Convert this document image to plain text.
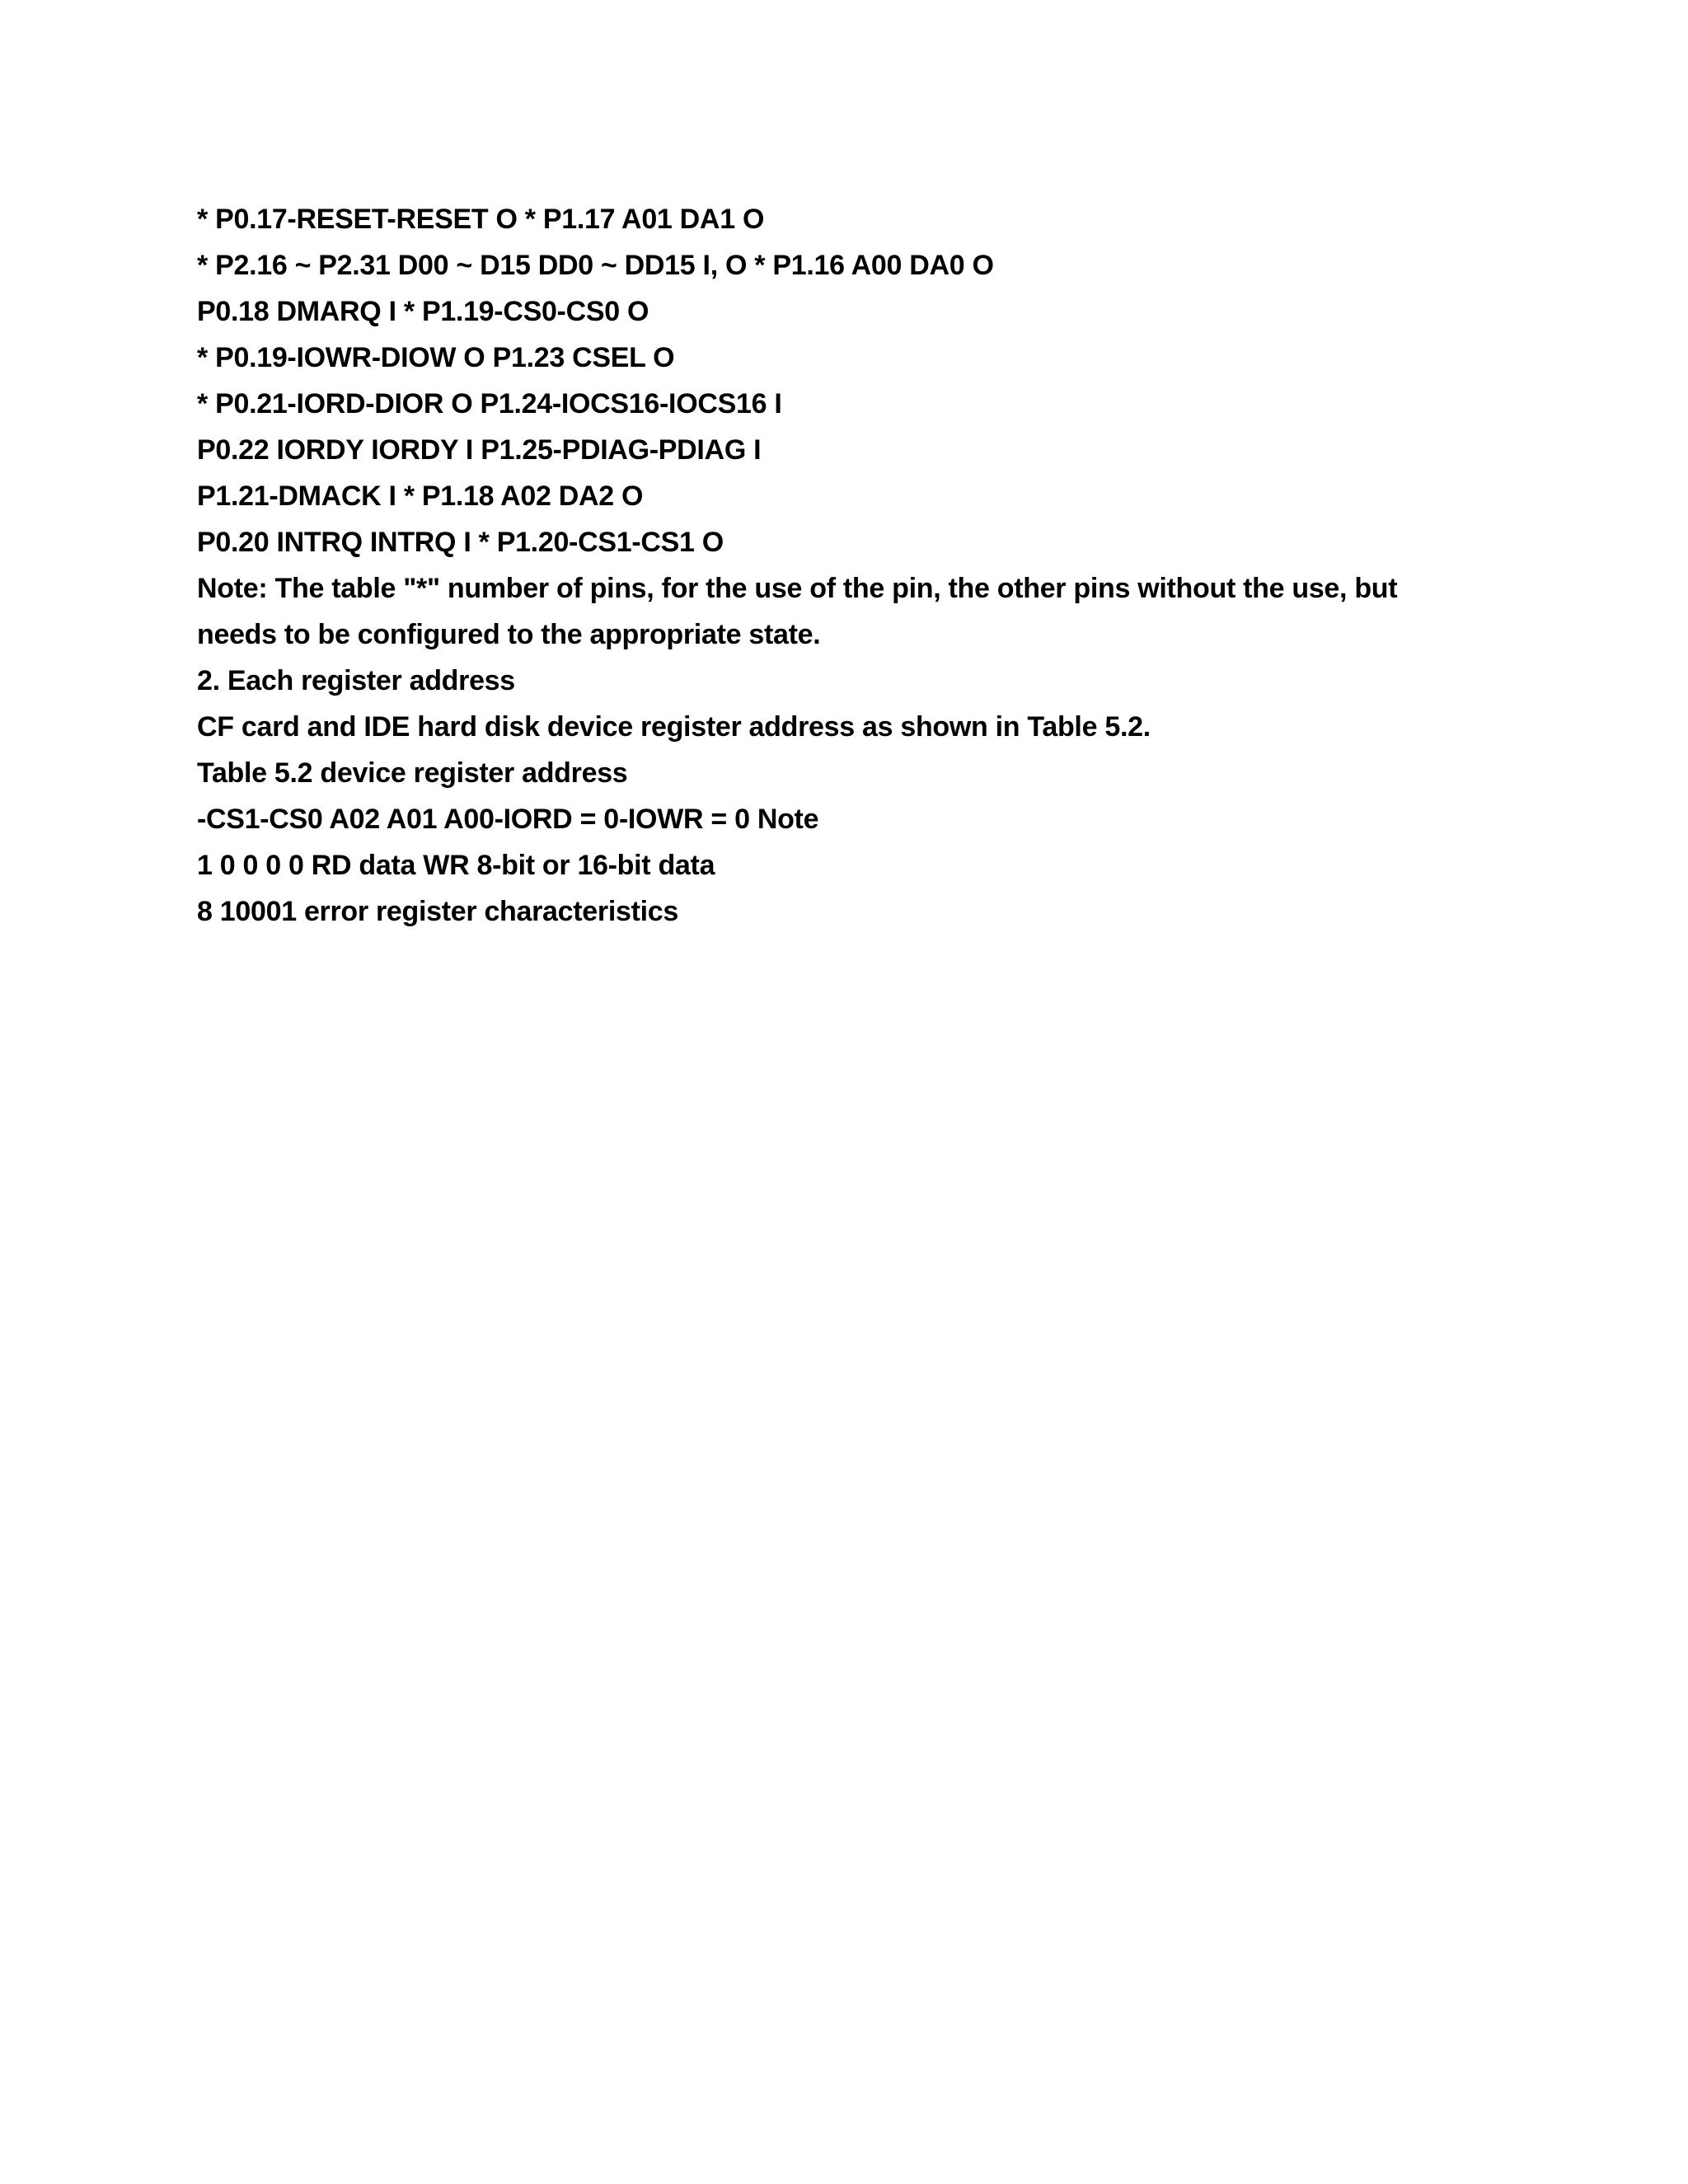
* P0.17-RESET-RESET O * P1.17 A01 DA1 O

* P2.16 ~ P2.31 D00 ~ D15 DD0 ~ DD15 I, O * P1.16 A00 DA0 O

P0.18 DMARQ I * P1.19-CS0-CS0 O

* P0.19-IOWR-DIOW O P1.23 CSEL O

* P0.21-IORD-DIOR O P1.24-IOCS16-IOCS16 I

P0.22 IORDY IORDY I P1.25-PDIAG-PDIAG I

P1.21-DMACK I * P1.18 A02 DA2 O

P0.20 INTRQ INTRQ I * P1.20-CS1-CS1 O

Note: The table "*" number of pins, for the use of the pin, the other pins without the use, but

needs to be configured to the appropriate state.

2. Each register address

CF card and IDE hard disk device register address as shown in Table 5.2.

Table 5.2 device register address

-CS1-CS0 A02 A01 A00-IORD = 0-IOWR = 0 Note

1 0 0 0 0 RD data WR 8-bit or 16-bit data

8 10001 error register characteristics
